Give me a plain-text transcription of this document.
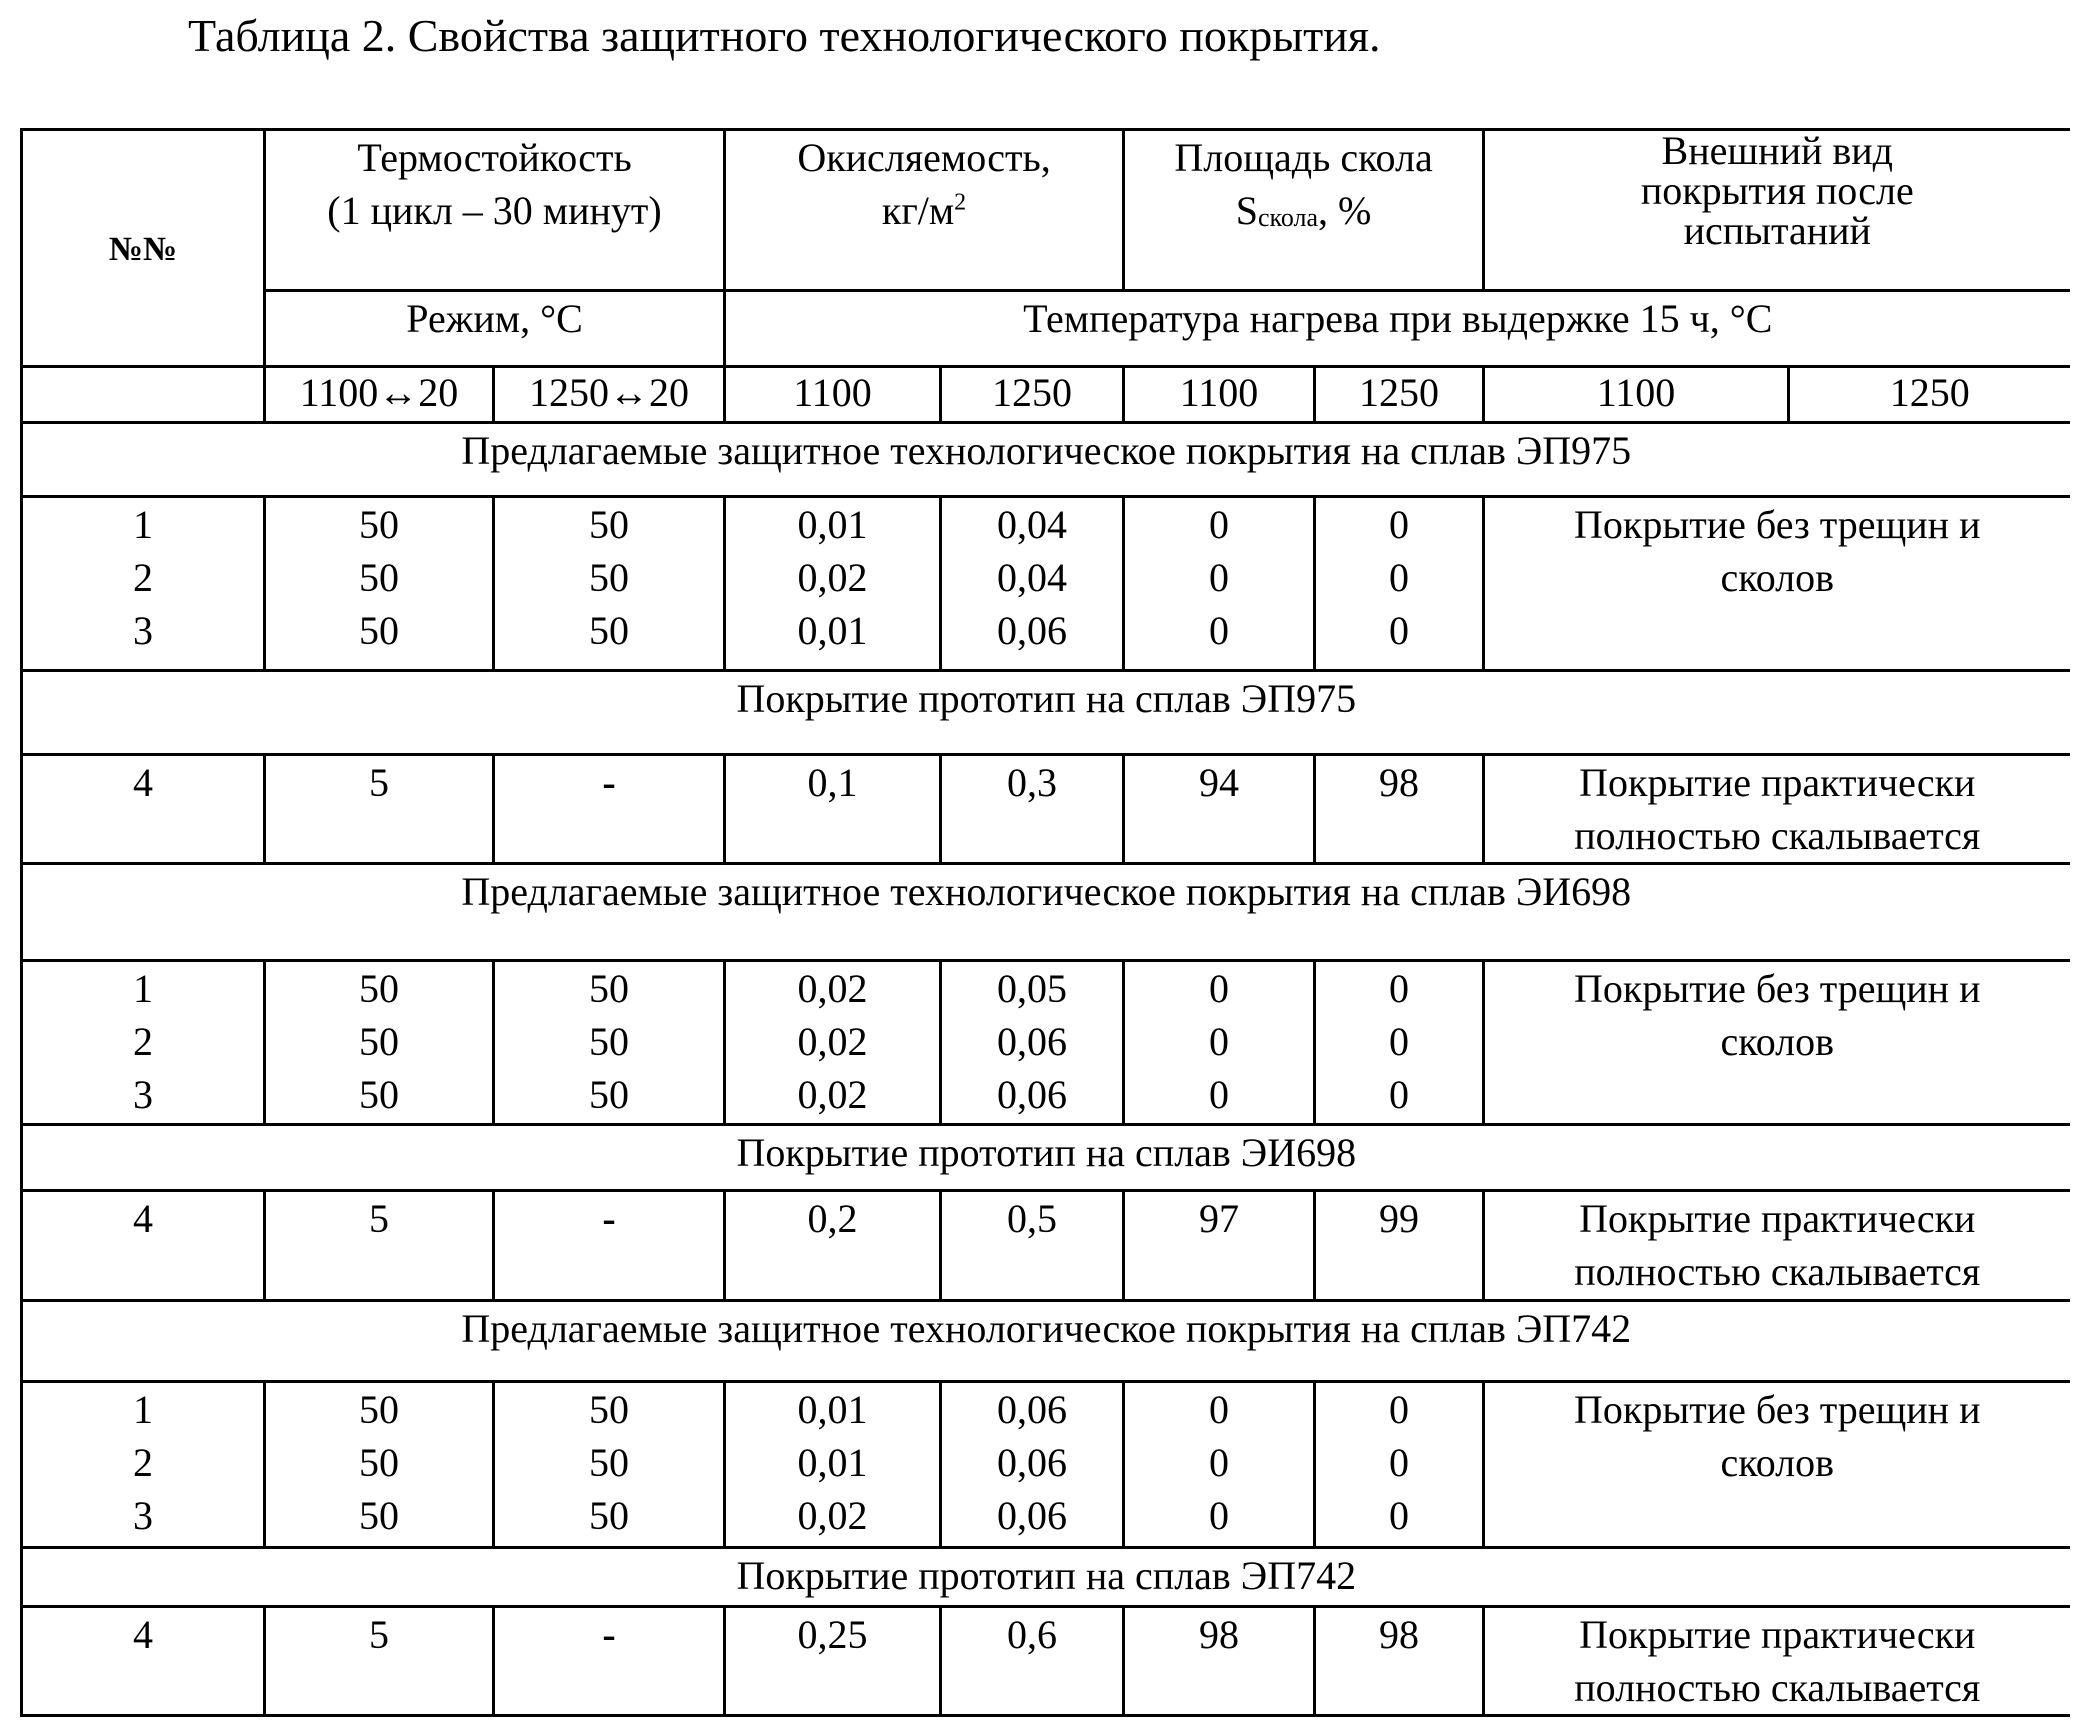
Таблица 2. Свойства защитного технологического покрытия.
№№	
Термостойкость
(1 цикл – 30 минут)

Окисляемость,
кг/м2

Площадь скола
Sскола, %

Внешний вид
покрытия после
испытаний

Режим, °С	Температура нагрева при выдержке 15 ч, °С
	1100↔20	1250↔20	1100	1250	1100	1250	1100	1250
Предлагаемые защитное технологическое покрытия на сплав ЭП975

1
2
3

50
50
50

50
50
50

0,01
0,02
0,01

0,04
0,04
0,06

0
0
0

0
0
0

Покрытие без трещин и
сколов

Покрытие прототип на сплав ЭП975

4	5	-	0,1	0,3	94	98	Покрытие практически
полностью скалывается

Предлагаемые защитное технологическое покрытия на сплав ЭИ698

1
2
3

50
50
50

50
50
50

0,02
0,02
0,02

0,05
0,06
0,06

0
0
0

0
0
0

Покрытие без трещин и
сколов

Покрытие прототип на сплав ЭИ698

4	5	-	0,2	0,5	97	99	Покрытие практически
полностью скалывается

Предлагаемые защитное технологическое покрытия на сплав ЭП742

1
2
3

50
50
50

50
50
50

0,01
0,01
0,02

0,06
0,06
0,06

0
0
0

0
0
0

Покрытие без трещин и
сколов

Покрытие прототип на сплав ЭП742

4	5	-	0,25	0,6	98	98	Покрытие практически
полностью скалывается
